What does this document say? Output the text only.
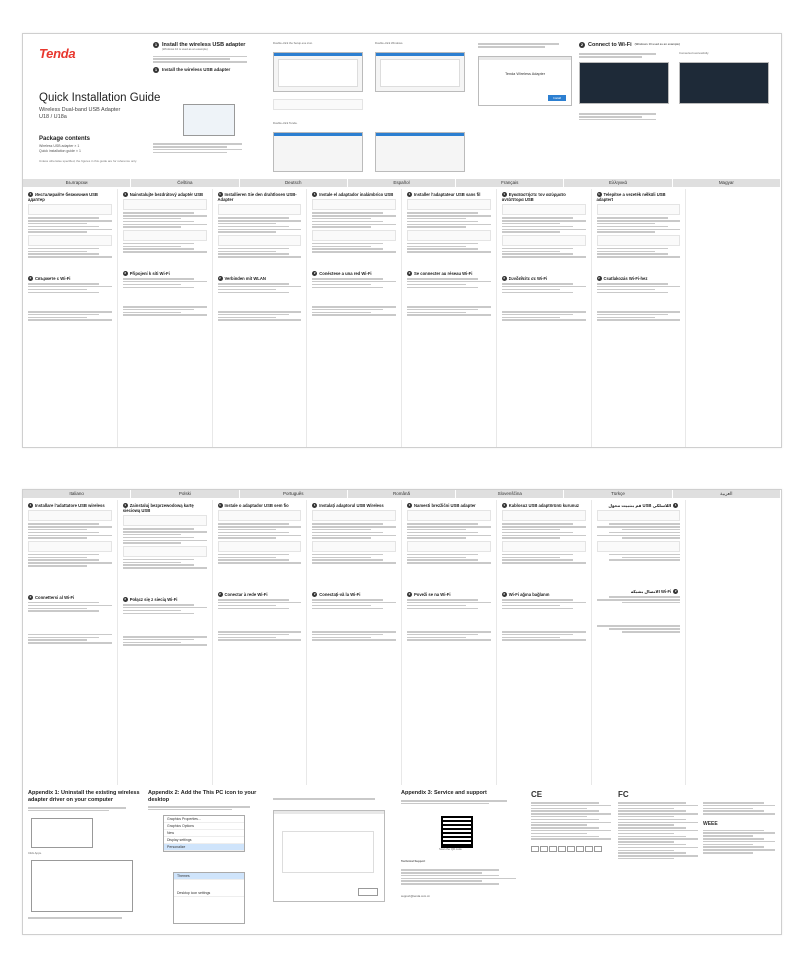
Tenda
Quick Installation Guide
Wireless Dual-band USB Adapter
U18 / U18a
Package contents
Wireless USB adapter × 1
Quick installation guide × 1
Unless otherwise specified, the figures in this guide are for reference only.
1 Install the wireless USB adapter
(Windows 10 is used as an example)
1	Install the wireless USB adapter
Double-click the Setup.exe icon.
Double-click Tenda.
Double-click Windows.
Tenda Wireless Adapter
Install
2 Connect to Wi-Fi (Windows 10 used as an example)
Connected successfully.
Български	Čeština	Deutsch	Español	Français	Ελληνικά	Magyar
1 Инсталирайте безжичния USB адаптер
2 Свържете с Wi-Fi
1 Nainstalujte bezdrátový adaptér USB
2 Připojení k síti Wi-Fi
1 Installieren Sie den drahtlosen USB-Adapter
2 Verbinden mit WLAN
1 Instale el adaptador inalámbrico USB
2 Conéctese a una red Wi-Fi
1 Installer l'adaptateur USB sans fil
2 Se connecter au réseau Wi-Fi
1 Εγκαταστήστε τον ασύρματο αντάπτορα USB
2 Συνδεθείτε σε Wi-Fi
1 Telepítse a vezeték nélküli USB adaptert
2 Csatlakozás Wi-Fi-hez
Italiano	Polski	Português	Română	Slovenščina	Türkçe	العربية
1 Installare l'adattatore USB wireless
2 Connettersi al Wi-Fi
1 Zainstaluj bezprzewodową kartę sieciową USB
2 Połącz się z siecią Wi-Fi
1 Instale o adaptador USB sem fio
2 Conectar à rede Wi-Fi
1 Instalați adaptorul USB Wireless
2 Conectați-vă la Wi-Fi
1 Namesti brezžični USB adapter
2 Poveži se na Wi-Fi
1 Kablosuz USB adaptörünü kurunuz
2 Wi-Fi ağına bağlanın
قم بتثبيت محول USB اللاسلكي 1
الاتصال بشبكة Wi-Fi 2
Appendix 1: Uninstall the existing wireless adapter driver on your computer
Click Apps.
Appendix 2: Add the This PC icon to your desktop
Graphics Properties...
Graphics Options
New
Display settings
Personalize
Themes
Desktop icon settings
Appendix 3: Service and support
Scan the QR code
Technical Support
support@tenda.com.cn
CE	FC
WEEE
